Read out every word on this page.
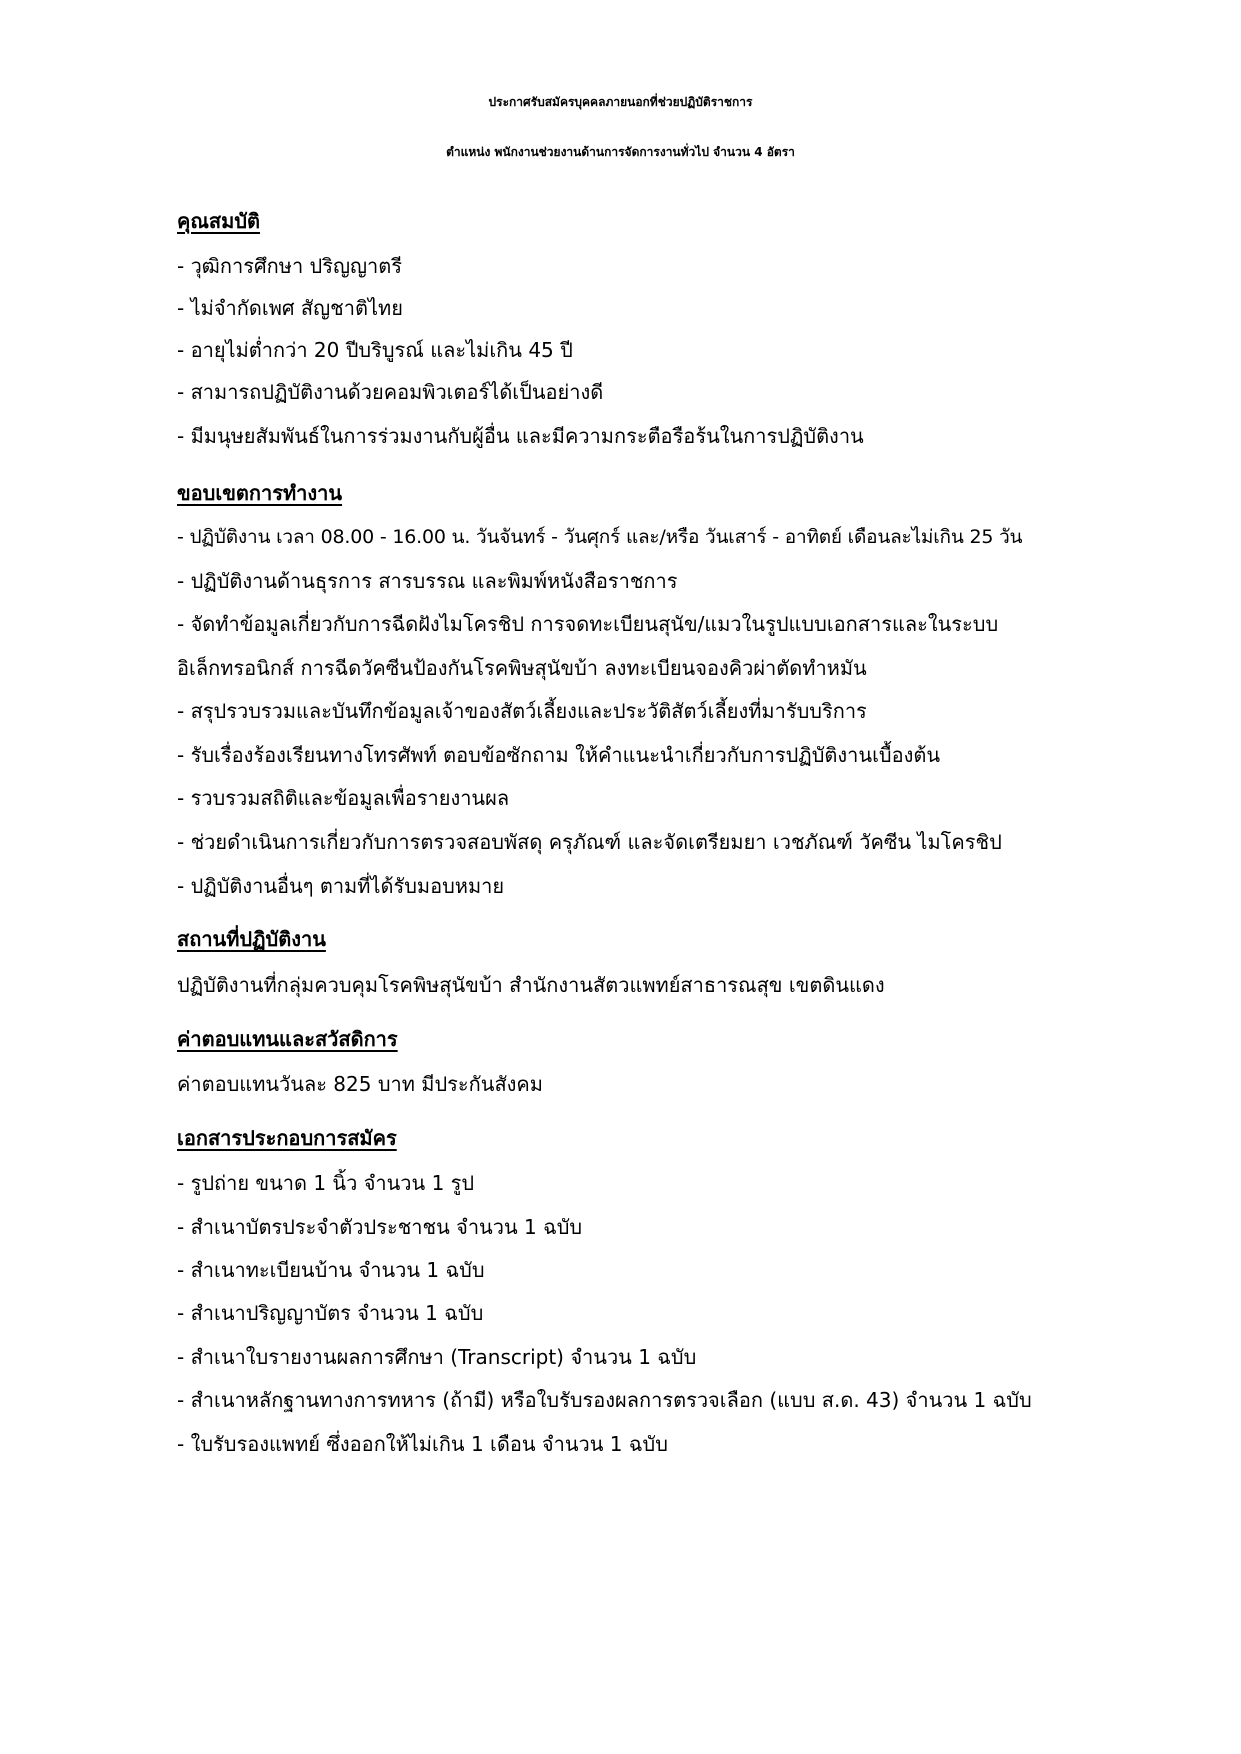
ประกาศรับสมัครบุคคลภายนอกที่ช่วยปฏิบัติราชการ
ตำแหน่ง พนักงานช่วยงานด้านการจัดการงานทั่วไป จำนวน 4 อัตรา
คุณสมบัติ
- วุฒิการศึกษา ปริญญาตรี
- ไม่จำกัดเพศ สัญชาติไทย
- อายุไม่ต่ำกว่า 20 ปีบริบูรณ์ และไม่เกิน 45 ปี
- สามารถปฏิบัติงานด้วยคอมพิวเตอร์ได้เป็นอย่างดี
- มีมนุษยสัมพันธ์ในการร่วมงานกับผู้อื่น และมีความกระตือรือร้นในการปฏิบัติงาน
ขอบเขตการทำงาน
- ปฏิบัติงาน เวลา 08.00 - 16.00 น. วันจันทร์ - วันศุกร์ และ/หรือ วันเสาร์ - อาทิตย์ เดือนละไม่เกิน 25 วัน
- ปฏิบัติงานด้านธุรการ สารบรรณ และพิมพ์หนังสือราชการ
- จัดทำข้อมูลเกี่ยวกับการฉีดฝังไมโครชิป การจดทะเบียนสุนัข/แมวในรูปแบบเอกสารและในระบบ
อิเล็กทรอนิกส์ การฉีดวัคซีนป้องกันโรคพิษสุนัขบ้า ลงทะเบียนจองคิวผ่าตัดทำหมัน
- สรุปรวบรวมและบันทึกข้อมูลเจ้าของสัตว์เลี้ยงและประวัติสัตว์เลี้ยงที่มารับบริการ
- รับเรื่องร้องเรียนทางโทรศัพท์ ตอบข้อซักถาม ให้คำแนะนำเกี่ยวกับการปฏิบัติงานเบื้องต้น
- รวบรวมสถิติและข้อมูลเพื่อรายงานผล
- ช่วยดำเนินการเกี่ยวกับการตรวจสอบพัสดุ ครุภัณฑ์ และจัดเตรียมยา เวชภัณฑ์ วัคซีน ไมโครชิป
- ปฏิบัติงานอื่นๆ ตามที่ได้รับมอบหมาย
สถานที่ปฏิบัติงาน
ปฏิบัติงานที่กลุ่มควบคุมโรคพิษสุนัขบ้า สำนักงานสัตวแพทย์สาธารณสุข เขตดินแดง
ค่าตอบแทนและสวัสดิการ
ค่าตอบแทนวันละ 825 บาท มีประกันสังคม
เอกสารประกอบการสมัคร
- รูปถ่าย ขนาด 1 นิ้ว จำนวน 1 รูป
- สำเนาบัตรประจำตัวประชาชน จำนวน 1 ฉบับ
- สำเนาทะเบียนบ้าน จำนวน 1 ฉบับ
- สำเนาปริญญาบัตร จำนวน 1 ฉบับ
- สำเนาใบรายงานผลการศึกษา (Transcript) จำนวน 1 ฉบับ
- สำเนาหลักฐานทางการทหาร (ถ้ามี) หรือใบรับรองผลการตรวจเลือก (แบบ ส.ด. 43) จำนวน 1 ฉบับ
- ใบรับรองแพทย์ ซึ่งออกให้ไม่เกิน 1 เดือน จำนวน 1 ฉบับ
